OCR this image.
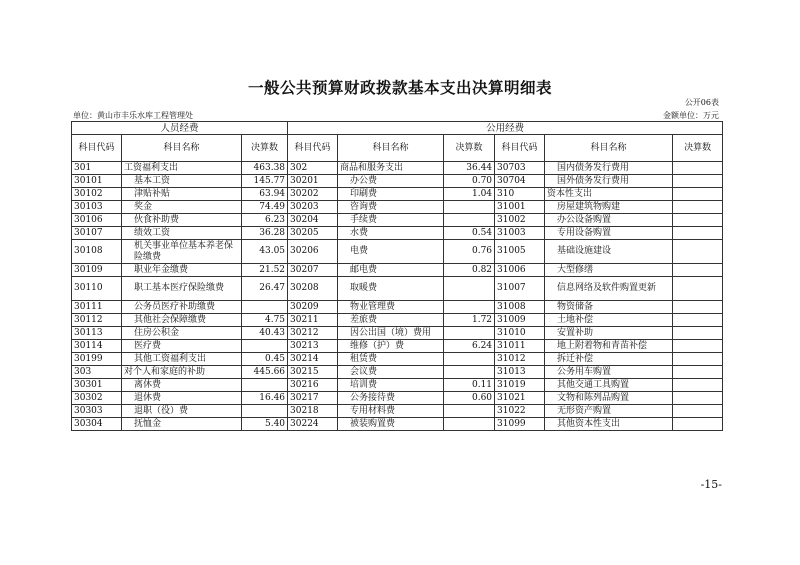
一般公共预算财政拨款基本支出决算明细表
公开06表
单位：黄山市丰乐水库工程管理处	金额单位：万元
人员经费			公用经费					
科目代码	科目名称	决算数	科目代码	科目名称	决算数	科目代码	科目名称	决算数
301	工资福利支出	463.38	302	商品和服务支出	36.44	30703	国内债务发行费用	
30101	基本工资	145.77	30201	办公费	0.70	30704	国外债务发行费用	
30102	津贴补贴	63.94	30202	印刷费	1.04	310	资本性支出	
30103	奖金	74.49	30203	咨询费		31001	房屋建筑物购建	
30106	伙食补助费	6.23	30204	手续费		31002	办公设备购置	
30107	绩效工资	36.28	30205	水费	0.54	31003	专用设备购置	
30108	机关事业单位基本养老保险缴费	43.05	30206	电费	0.76	31005	基础设施建设	
30109	职业年金缴费	21.52	30207	邮电费	0.82	31006	大型修缮	
30110	职工基本医疗保险缴费	26.47	30208	取暖费		31007	信息网络及软件购置更新	
30111	公务员医疗补助缴费		30209	物业管理费		31008	物资储备	
30112	其他社会保障缴费	4.75	30211	差旅费	1.72	31009	土地补偿	
30113	住房公积金	40.43	30212	因公出国（境）费用		31010	安置补助	
30114	医疗费		30213	维修（护）费	6.24	31011	地上附着物和青苗补偿	
30199	其他工资福利支出	0.45	30214	租赁费		31012	拆迁补偿	
303	对个人和家庭的补助	445.66	30215	会议费		31013	公务用车购置	
30301	离休费		30216	培训费	0.11	31019	其他交通工具购置	
30302	退休费	16.46	30217	公务接待费	0.60	31021	文物和陈列品购置	
30303	退职（役）费		30218	专用材料费		31022	无形资产购置	
30304	抚恤金	5.40	30224	被装购置费		31099	其他资本性支出	
-15-
